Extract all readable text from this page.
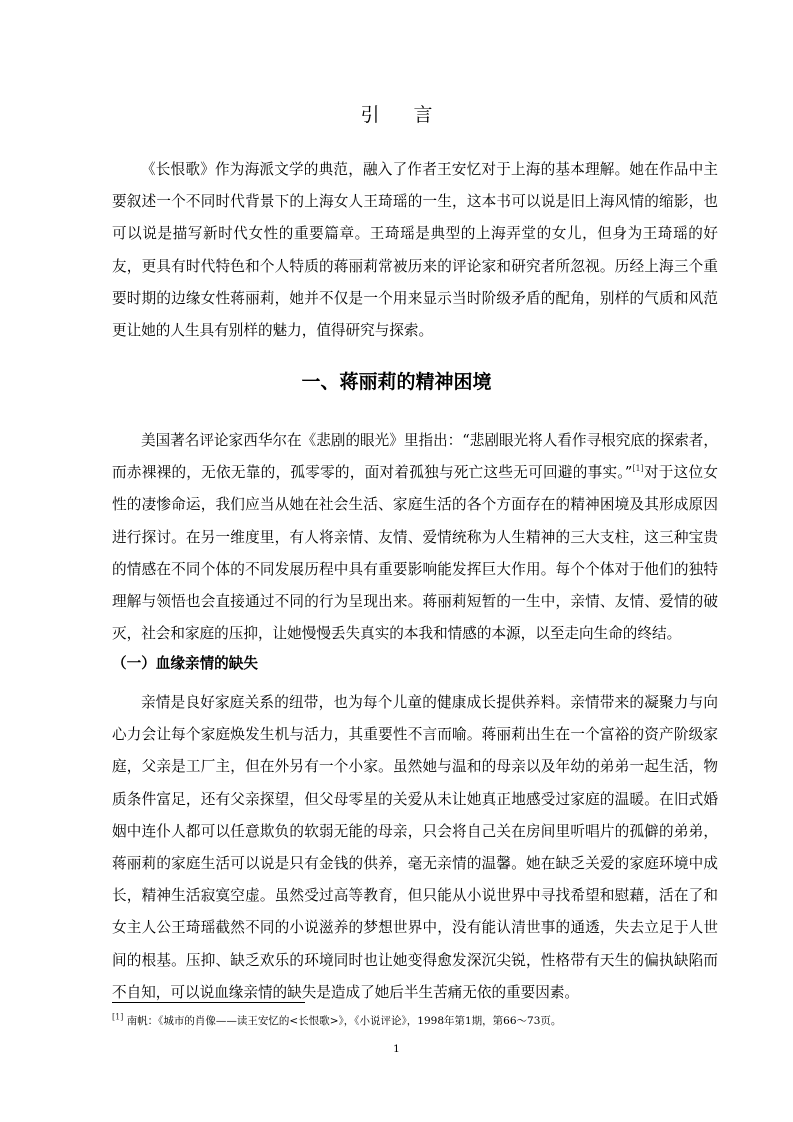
引言

《长恨歌》作为海派文学的典范，融入了作者王安忆对于上海的基本理解。她在作品中主要叙述一个不同时代背景下的上海女人王琦瑶的一生，这本书可以说是旧上海风情的缩影，也可以说是描写新时代女性的重要篇章。王琦瑶是典型的上海弄堂的女儿，但身为王琦瑶的好友，更具有时代特色和个人特质的蒋丽莉常被历来的评论家和研究者所忽视。历经上海三个重要时期的边缘女性蒋丽莉，她并不仅是一个用来显示当时阶级矛盾的配角，别样的气质和风范更让她的人生具有别样的魅力，值得研究与探索。

一、蒋丽莉的精神困境

美国著名评论家西华尔在《悲剧的眼光》里指出：“悲剧眼光将人看作寻根究底的探索者，而赤裸裸的，无依无靠的，孤零零的，面对着孤独与死亡这些无可回避的事实。”[1]对于这位女性的凄惨命运，我们应当从她在社会生活、家庭生活的各个方面存在的精神困境及其形成原因进行探讨。在另一维度里，有人将亲情、友情、爱情统称为人生精神的三大支柱，这三种宝贵的情感在不同个体的不同发展历程中具有重要影响能发挥巨大作用。每个个体对于他们的独特理解与领悟也会直接通过不同的行为呈现出来。蒋丽莉短暂的一生中，亲情、友情、爱情的破灭，社会和家庭的压抑，让她慢慢丢失真实的本我和情感的本源，以至走向生命的终结。

（一）血缘亲情的缺失

亲情是良好家庭关系的纽带，也为每个儿童的健康成长提供养料。亲情带来的凝聚力与向心力会让每个家庭焕发生机与活力，其重要性不言而喻。蒋丽莉出生在一个富裕的资产阶级家庭，父亲是工厂主，但在外另有一个小家。虽然她与温和的母亲以及年幼的弟弟一起生活，物质条件富足，还有父亲探望，但父母零星的关爱从未让她真正地感受过家庭的温暖。在旧式婚姻中连仆人都可以任意欺负的软弱无能的母亲，只会将自己关在房间里听唱片的孤僻的弟弟，蒋丽莉的家庭生活可以说是只有金钱的供养，毫无亲情的温馨。她在缺乏关爱的家庭环境中成长，精神生活寂寞空虚。虽然受过高等教育，但只能从小说世界中寻找希望和慰藉，活在了和女主人公王琦瑶截然不同的小说滋养的梦想世界中，没有能认清世事的通透，失去立足于人世间的根基。压抑、缺乏欢乐的环境同时也让她变得愈发深沉尖锐，性格带有天生的偏执缺陷而不自知，可以说血缘亲情的缺失是造成了她后半生苦痛无依的重要因素。

[1] 南帆：《城市的肖像——读王安忆的<长恨歌>》，《小说评论》，1998年第1期，第66～73页。
1
